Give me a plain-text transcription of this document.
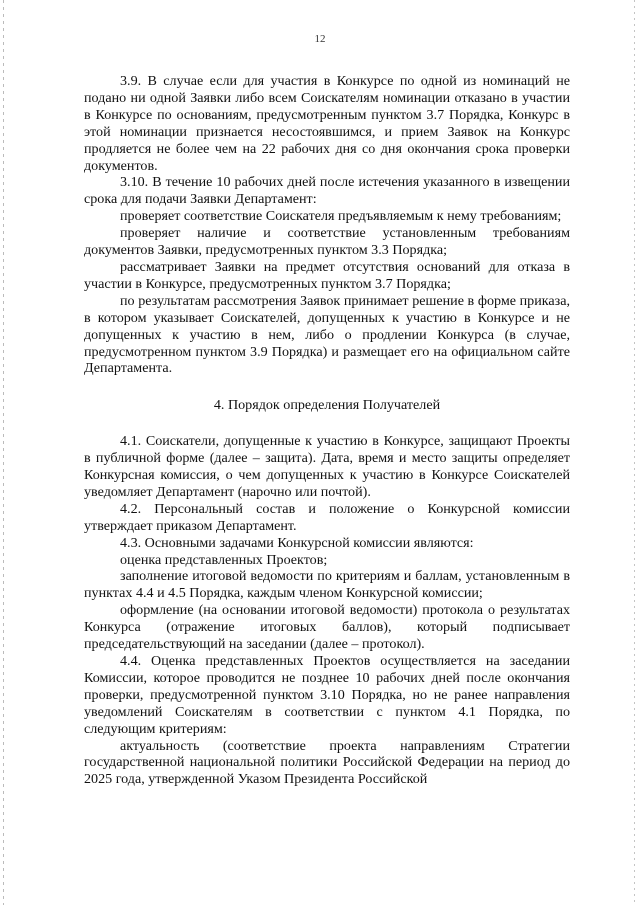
12

3.9. В случае если для участия в Конкурсе по одной из номинаций не подано ни одной Заявки либо всем Соискателям номинации отказано в участии в Конкурсе по основаниям, предусмотренным пунктом 3.7 Порядка, Конкурс в этой номинации признается несостоявшимся, и прием Заявок на Конкурс продляется не более чем на 22 рабочих дня со дня окончания срока проверки документов.

3.10. В течение 10 рабочих дней после истечения указанного в извещении срока для подачи Заявки Департамент:

проверяет соответствие Соискателя предъявляемым к нему требованиям;

проверяет наличие и соответствие установленным требованиям документов Заявки, предусмотренных пунктом 3.3 Порядка;

рассматривает Заявки на предмет отсутствия оснований для отказа в участии в Конкурсе, предусмотренных пунктом 3.7 Порядка;

по результатам рассмотрения Заявок принимает решение в форме приказа, в котором указывает Соискателей, допущенных к участию в Конкурсе и не допущенных к участию в нем, либо о продлении Конкурса (в случае, предусмотренном пунктом 3.9 Порядка) и размещает его на официальном сайте Департамента.

4. Порядок определения Получателей

4.1. Соискатели, допущенные к участию в Конкурсе, защищают Проекты в публичной форме (далее – защита). Дата, время и место защиты определяет Конкурсная комиссия, о чем допущенных к участию в Конкурсе Соискателей уведомляет Департамент (нарочно или почтой).

4.2. Персональный состав и положение о Конкурсной комиссии утверждает приказом Департамент.

4.3. Основными задачами Конкурсной комиссии являются:

оценка представленных Проектов;

заполнение итоговой ведомости по критериям и баллам, установленным в пунктах 4.4 и 4.5 Порядка, каждым членом Конкурсной комиссии;

оформление (на основании итоговой ведомости) протокола о результатах Конкурса (отражение итоговых баллов), который подписывает председательствующий на заседании (далее – протокол).

4.4. Оценка представленных Проектов осуществляется на заседании Комиссии, которое проводится не позднее 10 рабочих дней после окончания проверки, предусмотренной пунктом 3.10 Порядка, но не ранее направления уведомлений Соискателям в соответствии с пунктом 4.1 Порядка, по следующим критериям:

актуальность (соответствие проекта направлениям Стратегии государственной национальной политики Российской Федерации на период до 2025 года, утвержденной Указом Президента Российской
